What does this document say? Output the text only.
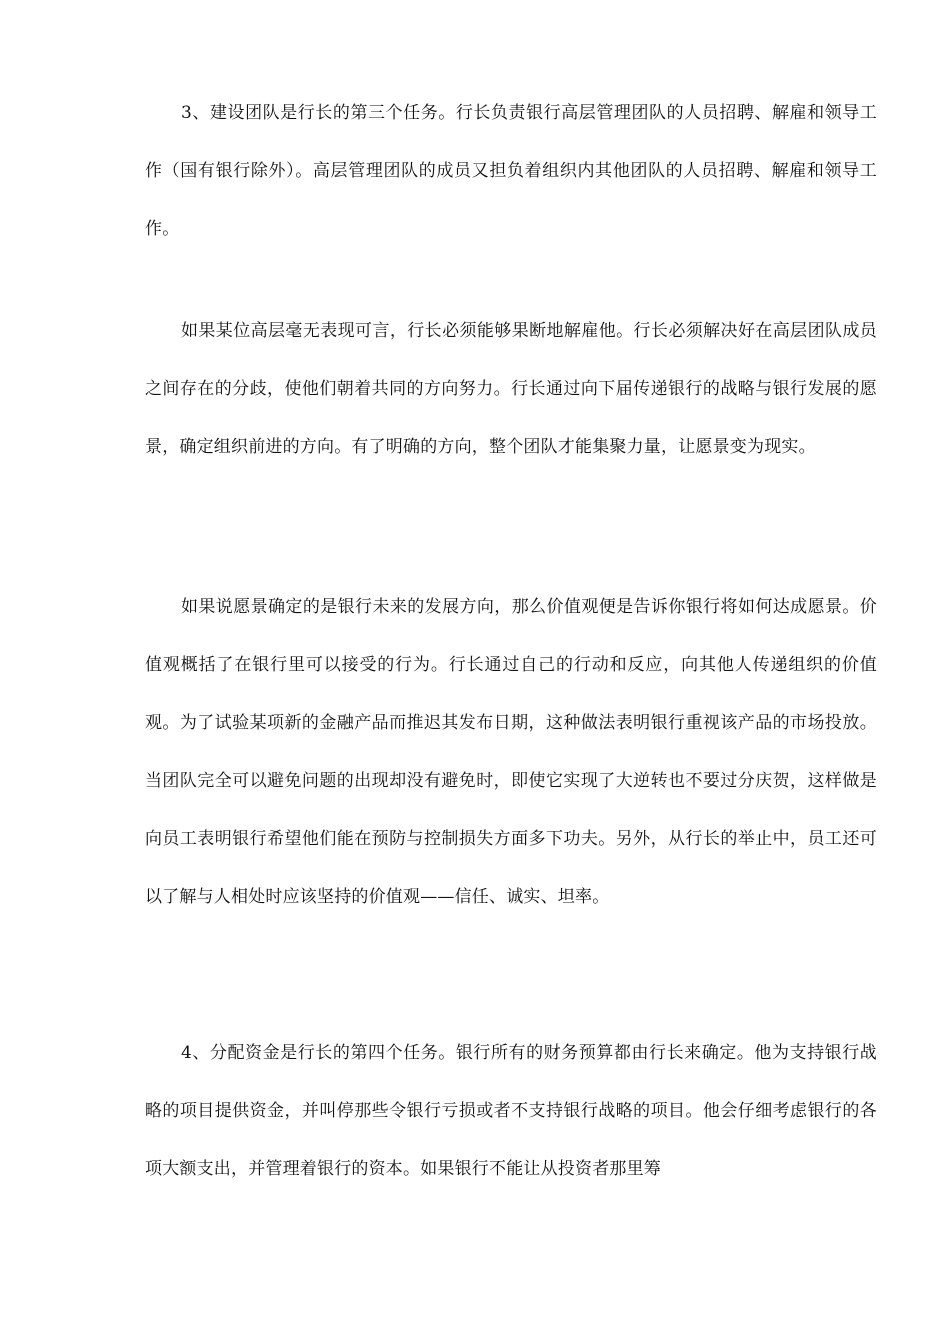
3、建设团队是行长的第三个任务。行长负责银行高层管理团队的人员招聘、解雇和领导工作（国有银行除外）。高层管理团队的成员又担负着组织内其他团队的人员招聘、解雇和领导工作。

如果某位高层毫无表现可言，行长必须能够果断地解雇他。行长必须解决好在高层团队成员之间存在的分歧，使他们朝着共同的方向努力。行长通过向下届传递银行的战略与银行发展的愿景，确定组织前进的方向。有了明确的方向，整个团队才能集聚力量，让愿景变为现实。

如果说愿景确定的是银行未来的发展方向，那么价值观便是告诉你银行将如何达成愿景。价值观概括了在银行里可以接受的行为。行长通过自己的行动和反应，向其他人传递组织的价值观。为了试验某项新的金融产品而推迟其发布日期，这种做法表明银行重视该产品的市场投放。当团队完全可以避免问题的出现却没有避免时，即使它实现了大逆转也不要过分庆贺，这样做是向员工表明银行希望他们能在预防与控制损失方面多下功夫。另外，从行长的举止中，员工还可以了解与人相处时应该坚持的价值观——信任、诚实、坦率。

4、分配资金是行长的第四个任务。银行所有的财务预算都由行长来确定。他为支持银行战略的项目提供资金，并叫停那些令银行亏损或者不支持银行战略的项目。他会仔细考虑银行的各项大额支出，并管理着银行的资本。如果银行不能让从投资者那里筹
